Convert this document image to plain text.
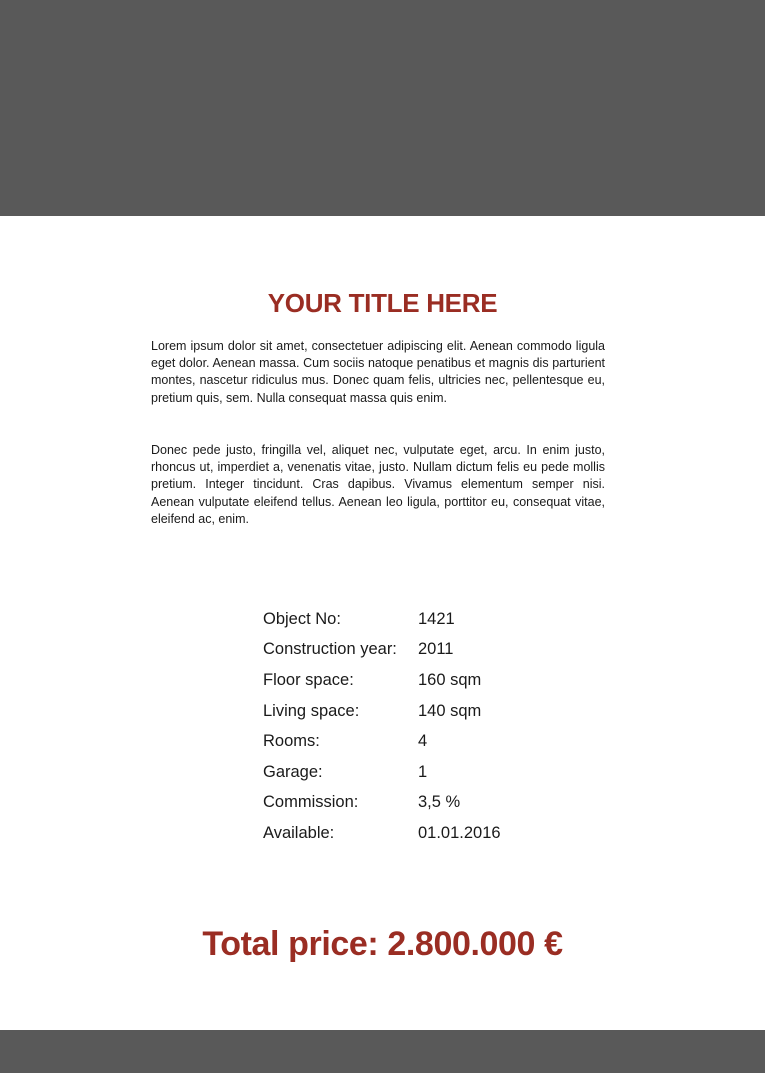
YOUR TITLE HERE
Lorem ipsum dolor sit amet, consectetuer adipiscing elit. Aenean commodo ligula eget dolor. Aenean massa. Cum sociis natoque penatibus et magnis dis parturient montes, nascetur ridiculus mus. Donec quam felis, ultricies nec, pellentesque eu, pretium quis, sem. Nulla consequat massa quis enim.
Donec pede justo, fringilla vel, aliquet nec, vulputate eget, arcu. In enim justo, rhoncus ut, imperdiet a, venenatis vitae, justo. Nullam dictum felis eu pede mollis pretium. Integer tincidunt. Cras dapibus. Vivamus elementum semper nisi. Aenean vulputate eleifend tellus. Aenean leo ligula, porttitor eu, consequat vitae, eleifend ac, enim.
Object No:	1421
Construction year:	2011
Floor space:	160 sqm
Living space:	140 sqm
Rooms:	4
Garage:	1
Commission:	3,5 %
Available:	01.01.2016
Total price: 2.800.000 €
